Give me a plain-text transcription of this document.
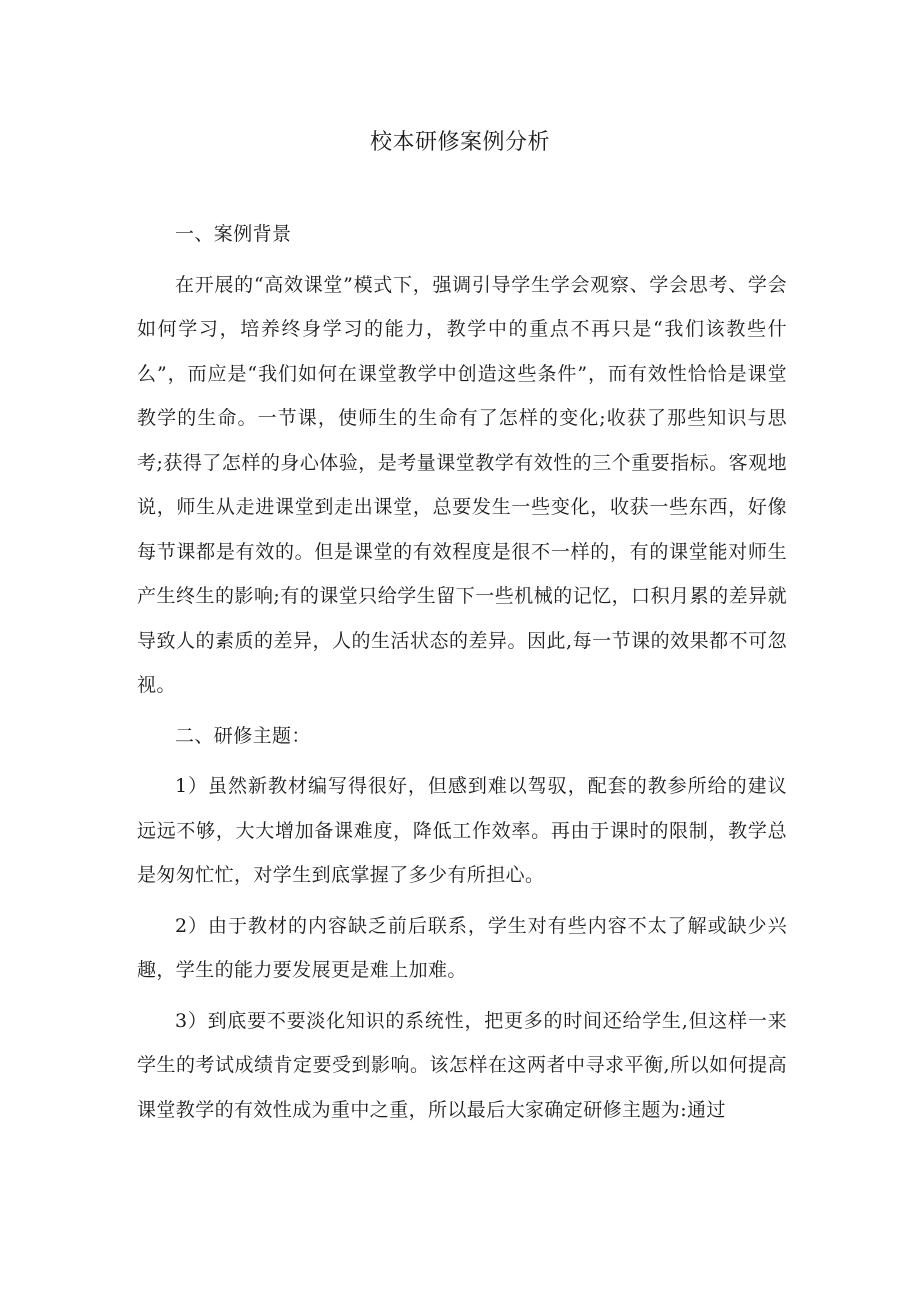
校本研修案例分析

一、案例背景

在开展的“高效课堂”模式下，强调引导学生学会观察、学会思考、学会如何学习，培养终身学习的能力，教学中的重点不再只是“我们该教些什么”，而应是“我们如何在课堂教学中创造这些条件”，而有效性恰恰是课堂教学的生命。一节课，使师生的生命有了怎样的变化;收获了那些知识与思考;获得了怎样的身心体验，是考量课堂教学有效性的三个重要指标。客观地说，师生从走进课堂到走出课堂，总要发生一些变化，收获一些东西，好像每节课都是有效的。但是课堂的有效程度是很不一样的，有的课堂能对师生产生终生的影响;有的课堂只给学生留下一些机械的记忆，口积月累的差异就导致人的素质的差异，人的生活状态的差异。因此,每一节课的效果都不可忽视。

二、研修主题：

1）虽然新教材编写得很好，但感到难以驾驭，配套的教参所给的建议远远不够，大大增加备课难度，降低工作效率。再由于课时的限制，教学总是匆匆忙忙，对学生到底掌握了多少有所担心。

2）由于教材的内容缺乏前后联系，学生对有些内容不太了解或缺少兴趣，学生的能力要发展更是难上加难。

3）到底要不要淡化知识的系统性，把更多的时间还给学生,但这样一来学生的考试成绩肯定要受到影响。该怎样在这两者中寻求平衡,所以如何提高课堂教学的有效性成为重中之重，所以最后大家确定研修主题为:通过
